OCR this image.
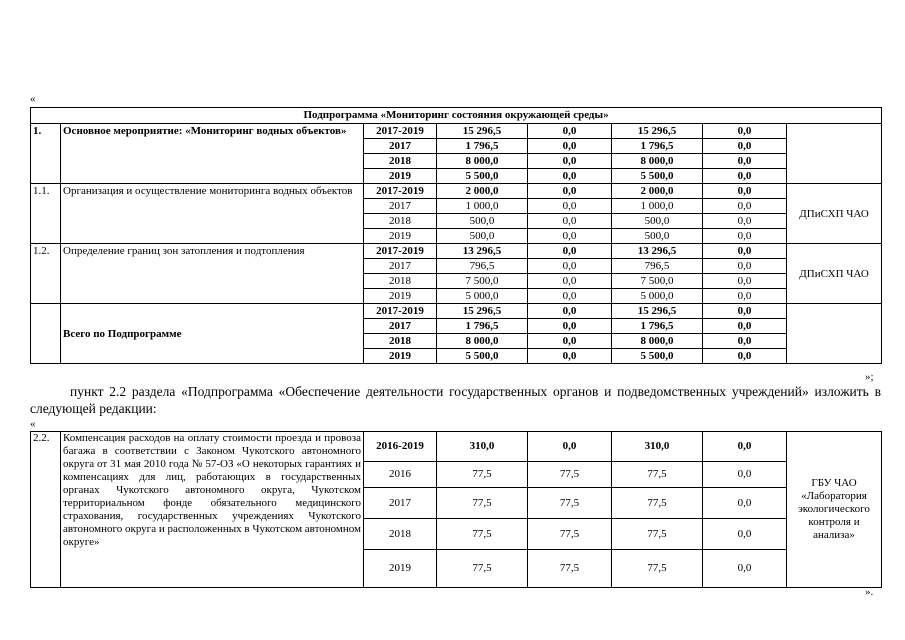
«
Подпрограмма «Мониторинг состояния окружающей среды»							
1.	Основное мероприятие: «Мониторинг водных объектов»	2017-2019	15 296,5	0,0	15 296,5	0,0	
		2017	1 796,5	0,0	1 796,5	0,0	
		2018	8 000,0	0,0	8 000,0	0,0	
		2019	5 500,0	0,0	5 500,0	0,0	
1.1.	Организация и осуществление мониторинга водных объектов	2017-2019	2 000,0	0,0	2 000,0	0,0	ДПиСХП ЧАО
		2017	1 000,0	0,0	1 000,0	0,0	
		2018	500,0	0,0	500,0	0,0	
		2019	500,0	0,0	500,0	0,0	
1.2.	Определение границ зон затопления и подтопления	2017-2019	13 296,5	0,0	13 296,5	0,0	ДПиСХП ЧАО
		2017	796,5	0,0	796,5	0,0	
		2018	7 500,0	0,0	7 500,0	0,0	
		2019	5 000,0	0,0	5 000,0	0,0	
	Всего по Подпрограмме	2017-2019	15 296,5	0,0	15 296,5	0,0	
		2017	1 796,5	0,0	1 796,5	0,0	
		2018	8 000,0	0,0	8 000,0	0,0	
		2019	5 500,0	0,0	5 500,0	0,0	
»;
пункт 2.2 раздела «Подпрограмма «Обеспечение деятельности государственных органов и подведомственных учреждений» изложить в следующей редакции:
«
2.2.	Компенсация расходов на оплату стоимости проезда и провоза багажа в соответствии с Законом Чукотского автономного округа от 31 мая 2010 года № 57-ОЗ «О некоторых гарантиях и компенсациях для лиц, работающих в государственных органах Чукотского автономного округа, Чукотском территориальном фонде обязательного медицинского страхования, государственных учреждениях Чукотского автономного округа и расположенных в Чукотском автономном округе»	2016-2019	310,0	0,0	310,0	0,0	ГБУ ЧАО «Лаборатория экологического контроля и анализа»
		2016	77,5	77,5	77,5	0,0	
		2017	77,5	77,5	77,5	0,0	
		2018	77,5	77,5	77,5	0,0	
		2019	77,5	77,5	77,5	0,0	
».
